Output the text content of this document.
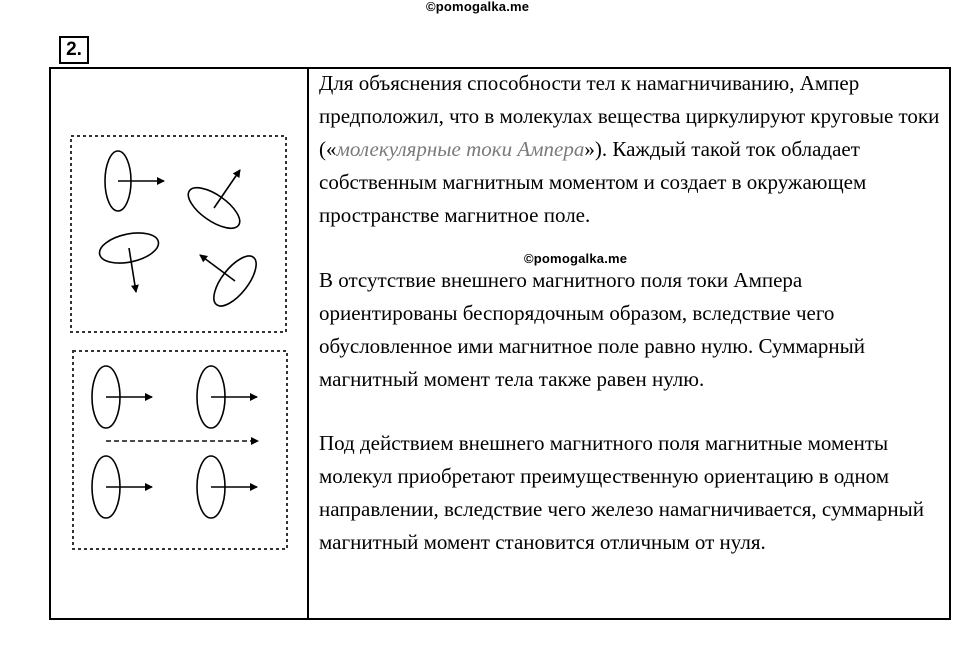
©pomogalka.me
2.

Для объяснения способности тел к намагничиванию, Ампер предположил, что в молекулах вещества циркулируют круговые токи («молекулярные токи Ампера»). Каждый такой ток обладает собственным магнитным моментом и создает в окружающем пространстве магнитное поле.

В отсутствие внешнего магнитного поля токи Ампера ориентированы беспорядочным образом, вследствие чего обусловленное ими магнитное поле равно нулю. Суммарный магнитный момент тела также равен нулю.

Под действием внешнего магнитного поля магнитные моменты молекул приобретают преимущественную ориентацию в одном направлении, вследствие чего железо намагничивается, суммарный магнитный момент становится отличным от нуля.

©pomogalka.me
